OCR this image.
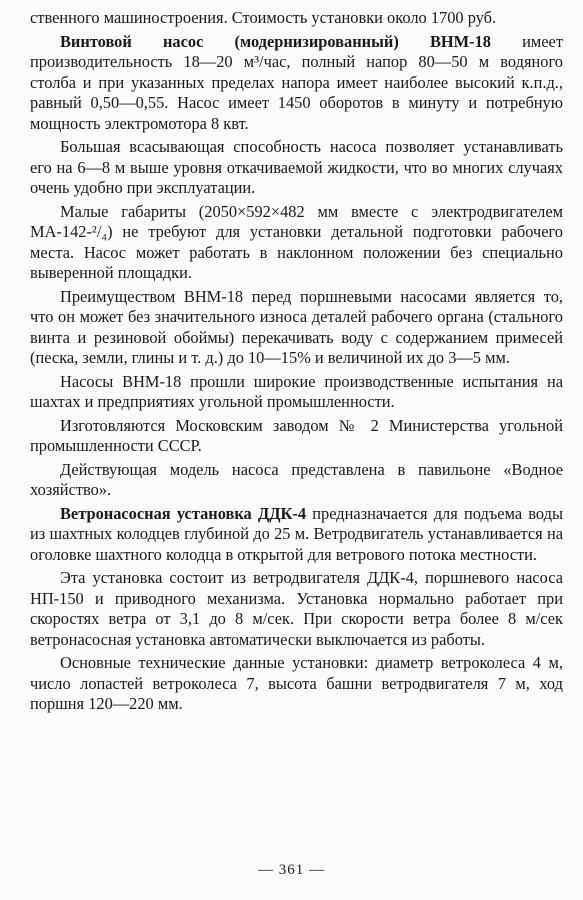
ственного машиностроения. Стоимость установки около 1700 руб.

Винтовой насос (модернизированный) ВНМ-18 имеет производительность 18—20 м³/час, полный напор 80—50 м водяного столба и при указанных пределах напора имеет наиболее высокий к.п.д., равный 0,50—0,55. Насос имеет 1450 оборотов в минуту и потребную мощность электромотора 8 квт.

Большая всасывающая способность насоса позволяет устанавливать его на 6—8 м выше уровня откачиваемой жидкости, что во многих случаях очень удобно при эксплуатации.

Малые габариты (2050×592×482 мм вместе с электродвигателем МА-142-²/₄) не требуют для установки детальной подготовки рабочего места. Насос может работать в наклонном положении без специально выверенной площадки.

Преимуществом ВНМ-18 перед поршневыми насосами является то, что он может без значительного износа деталей рабочего органа (стального винта и резиновой обоймы) перекачивать воду с содержанием примесей (песка, земли, глины и т. д.) до 10—15% и величиной их до 3—5 мм.

Насосы ВНМ-18 прошли широкие производственные испытания на шахтах и предприятиях угольной промышленности.

Изготовляются Московским заводом № 2 Министерства угольной промышленности СССР.

Действующая модель насоса представлена в павильоне «Водное хозяйство».

Ветронасосная установка ДДК-4 предназначается для подъема воды из шахтных колодцев глубиной до 25 м. Ветродвигатель устанавливается на оголовке шахтного колодца в открытой для ветрового потока местности.

Эта установка состоит из ветродвигателя ДДК-4, поршневого насоса НП-150 и приводного механизма. Установка нормально работает при скоростях ветра от 3,1 до 8 м/сек. При скорости ветра более 8 м/сек ветронасосная установка автоматически выключается из работы.

Основные технические данные установки: диаметр ветроколеса 4 м, число лопастей ветроколеса 7, высота башни ветродвигателя 7 м, ход поршня 120—220 мм.

— 361 —
